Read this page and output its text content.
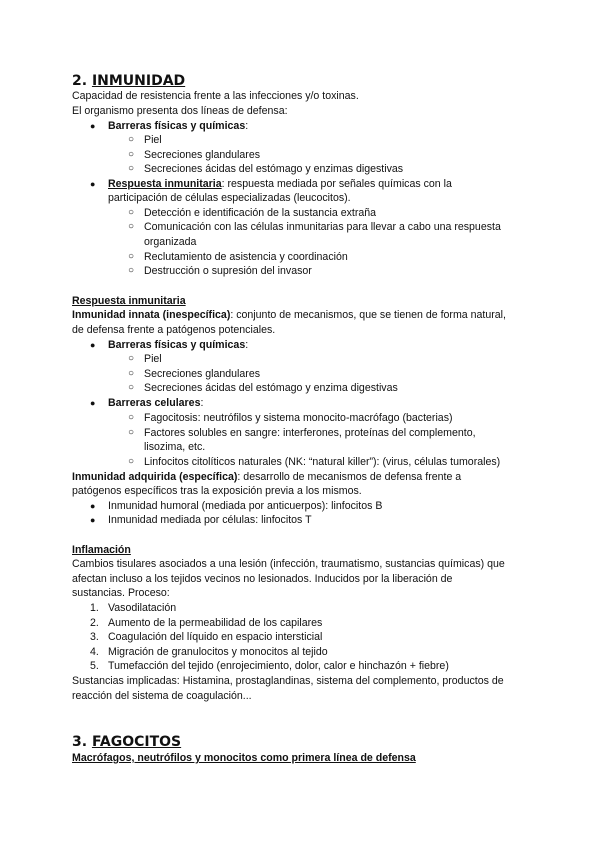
2. INMUNIDAD
Capacidad de resistencia frente a las infecciones y/o toxinas.
El organismo presenta dos líneas de defensa:
● Barreras físicas y químicas:
○ Piel
○ Secreciones glandulares
○ Secreciones ácidas del estómago y enzimas digestivas
● Respuesta inmunitaria: respuesta mediada por señales químicas con la
participación de células especializadas (leucocitos).
○ Detección e identificación de la sustancia extraña
○ Comunicación con las células inmunitarias para llevar a cabo una respuesta
organizada
○ Reclutamiento de asistencia y coordinación
○ Destrucción o supresión del invasor
Respuesta inmunitaria
Inmunidad innata (inespecífica): conjunto de mecanismos, que se tienen de forma natural,
de defensa frente a patógenos potenciales.
● Barreras físicas y químicas:
○ Piel
○ Secreciones glandulares
○ Secreciones ácidas del estómago y enzima digestivas
● Barreras celulares:
○ Fagocitosis: neutrófilos y sistema monocito-macrófago (bacterias)
○ Factores solubles en sangre: interferones, proteínas del complemento,
lisozima, etc.
○ Linfocitos citolíticos naturales (NK: “natural killer”): (virus, células tumorales)
Inmunidad adquirida (específica): desarrollo de mecanismos de defensa frente a
patógenos específicos tras la exposición previa a los mismos.
● Inmunidad humoral (mediada por anticuerpos): linfocitos B
● Inmunidad mediada por células: linfocitos T
Inflamación
Cambios tisulares asociados a una lesión (infección, traumatismo, sustancias químicas) que
afectan incluso a los tejidos vecinos no lesionados. Inducidos por la liberación de
sustancias. Proceso:
1. Vasodilatación
2. Aumento de la permeabilidad de los capilares
3. Coagulación del líquido en espacio intersticial
4. Migración de granulocitos y monocitos al tejido
5. Tumefacción del tejido (enrojecimiento, dolor, calor e hinchazón + fiebre)
Sustancias implicadas: Histamina, prostaglandinas, sistema del complemento, productos de
reacción del sistema de coagulación...
3. FAGOCITOS
Macrófagos, neutrófilos y monocitos como primera línea de defensa
